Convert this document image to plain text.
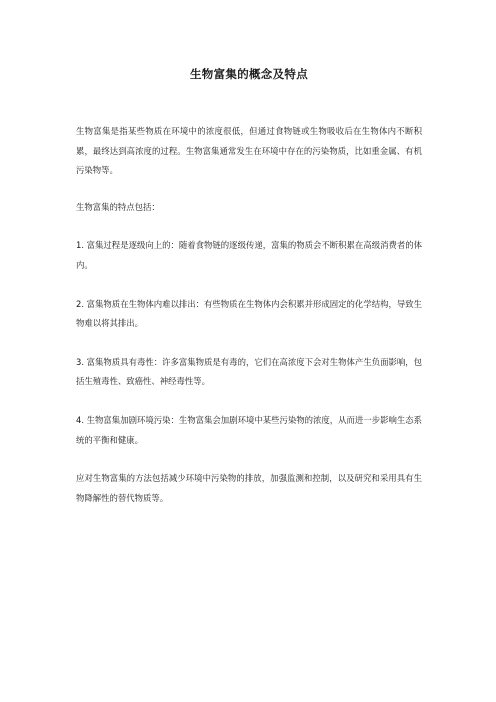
生物富集的概念及特点

生物富集是指某些物质在环境中的浓度很低，但通过食物链或生物吸收后在生物体内不断积累，最终达到高浓度的过程。生物富集通常发生在环境中存在的污染物质，比如重金属、有机污染物等。

生物富集的特点包括：

1. 富集过程是逐级向上的：随着食物链的逐级传递，富集的物质会不断积累在高级消费者的体内。

2. 富集物质在生物体内难以排出：有些物质在生物体内会积累并形成固定的化学结构，导致生物难以将其排出。

3. 富集物质具有毒性：许多富集物质是有毒的，它们在高浓度下会对生物体产生负面影响，包括生殖毒性、致癌性、神经毒性等。

4. 生物富集加剧环境污染：生物富集会加剧环境中某些污染物的浓度，从而进一步影响生态系统的平衡和健康。

应对生物富集的方法包括减少环境中污染物的排放，加强监测和控制，以及研究和采用具有生物降解性的替代物质等。
